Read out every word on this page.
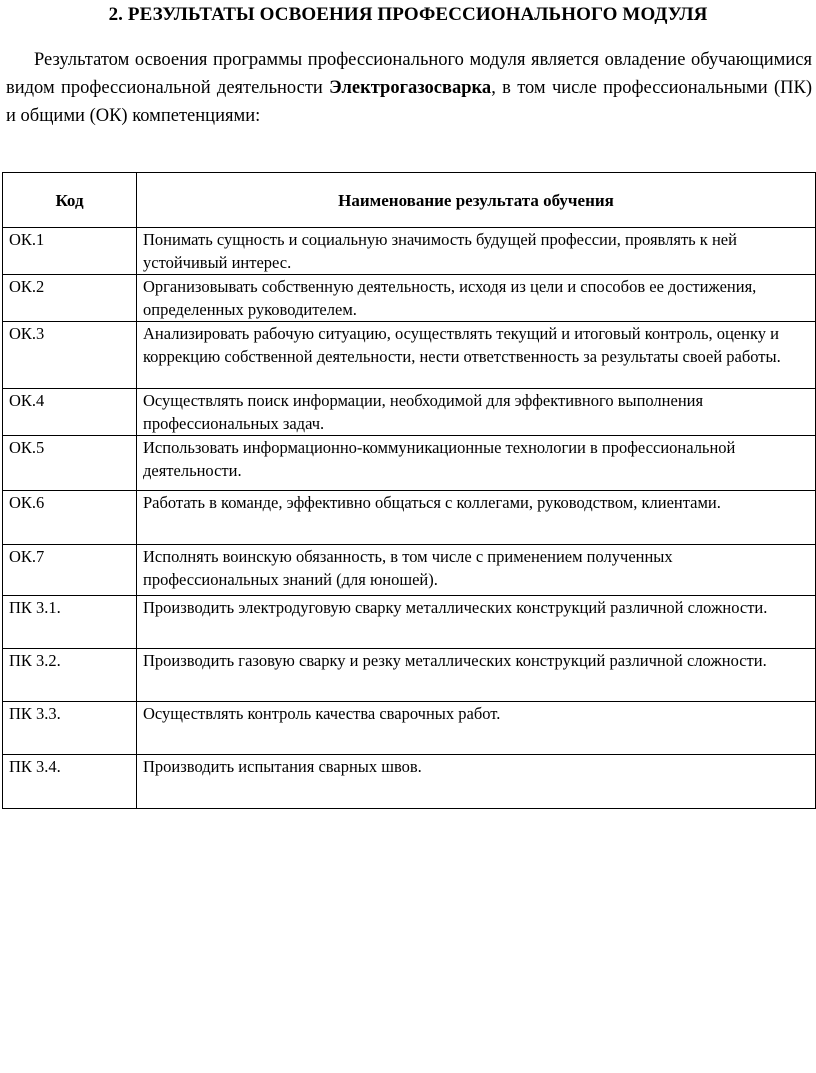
2. РЕЗУЛЬТАТЫ ОСВОЕНИЯ ПРОФЕССИОНАЛЬНОГО МОДУЛЯ

Результатом освоения программы профессионального модуля является овладение обучающимися видом профессиональной деятельности Электрогазосварка, в том числе профессиональными (ПК) и общими (ОК) компетенциями:

Код	Наименование результата обучения
ОК.1	Понимать сущность и социальную значимость будущей профессии, проявлять к ней устойчивый интерес.
ОК.2	Организовывать собственную деятельность, исходя из цели и способов ее достижения, определенных руководителем.
ОК.3	Анализировать рабочую ситуацию, осуществлять текущий и итоговый контроль, оценку и коррекцию собственной деятельности, нести ответственность за результаты своей работы.
ОК.4	Осуществлять поиск информации, необходимой для эффективного выполнения профессиональных задач.
ОК.5	Использовать информационно-коммуникационные технологии в профессиональной деятельности.
ОК.6	Работать в команде, эффективно общаться с коллегами, руководством, клиентами.
ОК.7	Исполнять воинскую обязанность, в том числе с применением полученных профессиональных знаний (для юношей).
ПК 3.1.	Производить электродуговую сварку металлических конструкций различной сложности.
ПК 3.2.	Производить газовую сварку и резку металлических конструкций различной сложности.
ПК 3.3.	Осуществлять контроль качества сварочных работ.
ПК 3.4.	Производить испытания сварных швов.
